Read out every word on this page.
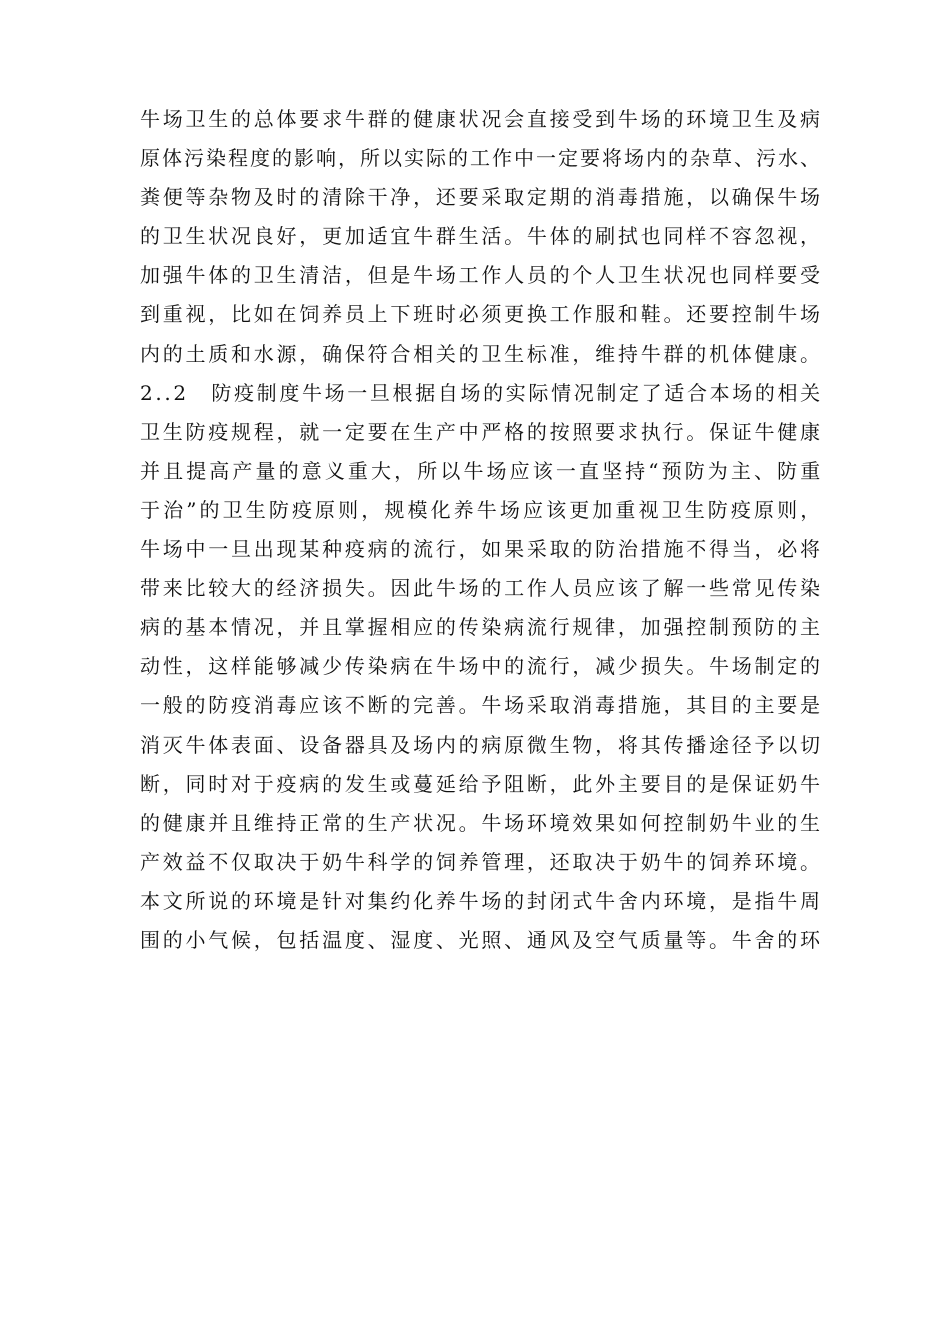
牛场卫生的总体要求牛群的健康状况会直接受到牛场的环境卫生及病
原体污染程度的影响，所以实际的工作中一定要将场内的杂草、污水、
粪便等杂物及时的清除干净，还要采取定期的消毒措施，以确保牛场
的卫生状况良好，更加适宜牛群生活。牛体的刷拭也同样不容忽视，
加强牛体的卫生清洁，但是牛场工作人员的个人卫生状况也同样要受
到重视，比如在饲养员上下班时必须更换工作服和鞋。还要控制牛场
内的土质和水源，确保符合相关的卫生标准，维持牛群的机体健康。
2..2　防疫制度牛场一旦根据自场的实际情况制定了适合本场的相关
卫生防疫规程，就一定要在生产中严格的按照要求执行。保证牛健康
并且提高产量的意义重大，所以牛场应该一直坚持“预防为主、防重
于治”的卫生防疫原则，规模化养牛场应该更加重视卫生防疫原则，
牛场中一旦出现某种疫病的流行，如果采取的防治措施不得当，必将
带来比较大的经济损失。因此牛场的工作人员应该了解一些常见传染
病的基本情况，并且掌握相应的传染病流行规律，加强控制预防的主
动性，这样能够减少传染病在牛场中的流行，减少损失。牛场制定的
一般的防疫消毒应该不断的完善。牛场采取消毒措施，其目的主要是
消灭牛体表面、设备器具及场内的病原微生物，将其传播途径予以切
断，同时对于疫病的发生或蔓延给予阻断，此外主要目的是保证奶牛
的健康并且维持正常的生产状况。牛场环境效果如何控制奶牛业的生
产效益不仅取决于奶牛科学的饲养管理，还取决于奶牛的饲养环境。
本文所说的环境是针对集约化养牛场的封闭式牛舍内环境，是指牛周
围的小气候，包括温度、湿度、光照、通风及空气质量等。牛舍的环
